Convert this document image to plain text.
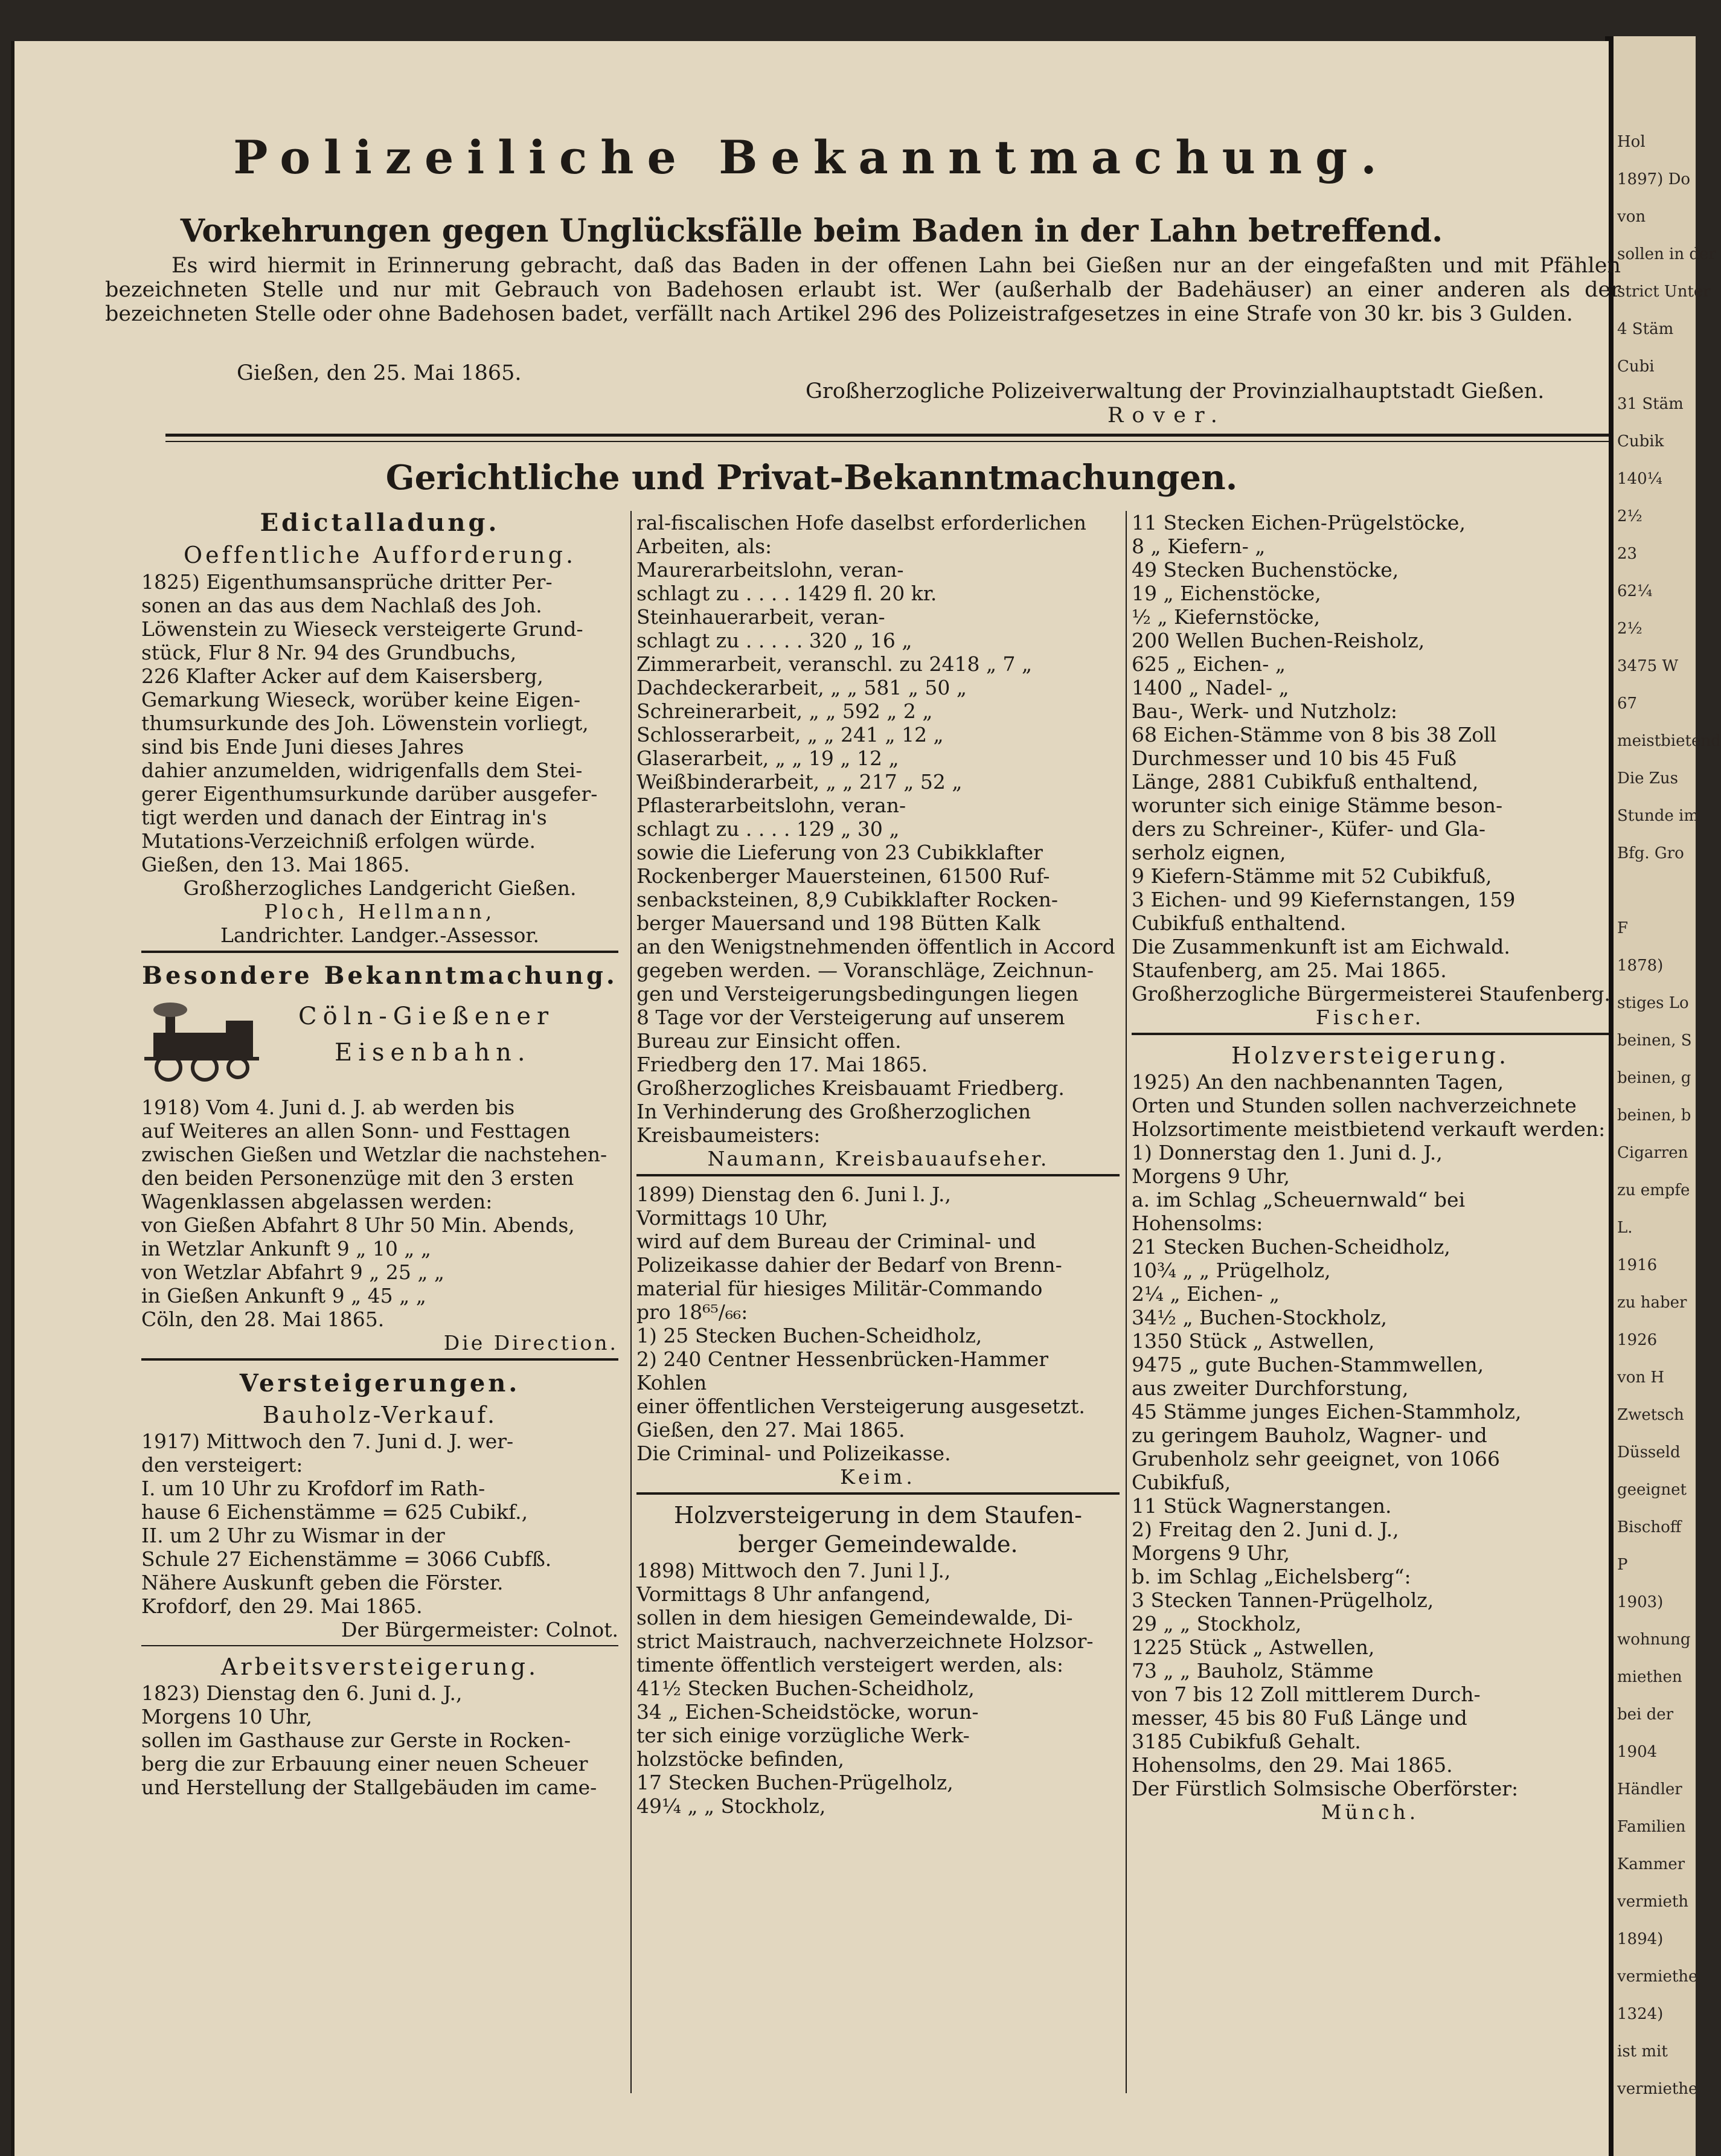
Hol
1897) Do
von
sollen in der
strict Unter
4 Stäm
Cubi
31 Stäm
Cubik
140¼
2½
23
62¼
2½
3475 W
67
meistbietend
Die Zus
Stunde im
Bfg. Gro
F
1878)
stiges Lo
beinen, S
beinen, g
beinen, b
Cigarren
zu empfe
L.
1916
zu haber
1926
von H
Zwetsch
Düsseld
geeignet
Bischoff
P
1903)
wohnung
miethen
bei der
1904
Händler
Familien
Kammer
vermieth
1894)
vermiethe
1324)
ist mit
vermiethe
Polizeiliche Bekanntmachung.
Vorkehrungen gegen Unglücksfälle beim Baden in der Lahn betreffend.

Es wird hiermit in Erinnerung gebracht, daß das Baden in der offenen Lahn bei Gießen nur an der eingefaßten und mit Pfählen bezeichneten Stelle und nur mit Gebrauch von Badehosen erlaubt ist. Wer (außerhalb der Badehäuser) an einer anderen als der bezeichneten Stelle oder ohne Badehosen badet, verfällt nach Artikel 296 des Polizeistrafgesetzes in eine Strafe von 30 kr. bis 3 Gulden.

Gießen, den 25. Mai 1865.
Großherzogliche Polizeiverwaltung der Provinzialhauptstadt Gießen.
Rover.
Gerichtliche und Privat-Bekanntmachungen.
Edictalladung.
Oeffentliche Aufforderung.
1825) Eigenthumsansprüche dritter Per-
sonen an das aus dem Nachlaß des Joh.
Löwenstein zu Wieseck versteigerte Grund-
stück, Flur 8 Nr. 94 des Grundbuchs,
226 Klafter Acker auf dem Kaisersberg,
Gemarkung Wieseck, worüber keine Eigen-
thumsurkunde des Joh. Löwenstein vorliegt,
sind bis Ende Juni dieses Jahres
dahier anzumelden, widrigenfalls dem Stei-
gerer Eigenthumsurkunde darüber ausgefer-
tigt werden und danach der Eintrag in's
Mutations-Verzeichniß erfolgen würde.
Gießen, den 13. Mai 1865.
Großherzogliches Landgericht Gießen.
Ploch, Hellmann,
Landrichter. Landger.-Assessor.
Besondere Bekanntmachung.
Cöln-Gießener
Eisenbahn.
1918) Vom 4. Juni d. J. ab werden bis
auf Weiteres an allen Sonn- und Festtagen
zwischen Gießen und Wetzlar die nachstehen-
den beiden Personenzüge mit den 3 ersten
Wagenklassen abgelassen werden:
von Gießen Abfahrt 8 Uhr 50 Min. Abends,
in Wetzlar Ankunft 9 „ 10 „ „
von Wetzlar Abfahrt 9 „ 25 „ „
in Gießen Ankunft 9 „ 45 „ „
Cöln, den 28. Mai 1865.
Die Direction.
Versteigerungen.
Bauholz-Verkauf.
1917) Mittwoch den 7. Juni d. J. wer-
den versteigert:
I. um 10 Uhr zu Krofdorf im Rath-
hause 6 Eichenstämme = 625 Cubikf.,
II. um 2 Uhr zu Wismar in der
Schule 27 Eichenstämme = 3066 Cubfß.
Nähere Auskunft geben die Förster.
Krofdorf, den 29. Mai 1865.
Der Bürgermeister: Colnot.
Arbeitsversteigerung.
1823) Dienstag den 6. Juni d. J.,
Morgens 10 Uhr,
sollen im Gasthause zur Gerste in Rocken-
berg die zur Erbauung einer neuen Scheuer
und Herstellung der Stallgebäuden im came-
ral-fiscalischen Hofe daselbst erforderlichen
Arbeiten, als:
Maurerarbeitslohn, veran-
schlagt zu . . . . 1429 fl. 20 kr.
Steinhauerarbeit, veran-
schlagt zu . . . . . 320 „ 16 „
Zimmerarbeit, veranschl. zu 2418 „ 7 „
Dachdeckerarbeit, „ „ 581 „ 50 „
Schreinerarbeit, „ „ 592 „ 2 „
Schlosserarbeit, „ „ 241 „ 12 „
Glaserarbeit, „ „ 19 „ 12 „
Weißbinderarbeit, „ „ 217 „ 52 „
Pflasterarbeitslohn, veran-
schlagt zu . . . . 129 „ 30 „
sowie die Lieferung von 23 Cubikklafter
Rockenberger Mauersteinen, 61500 Ruf-
senbacksteinen, 8,9 Cubikklafter Rocken-
berger Mauersand und 198 Bütten Kalk
an den Wenigstnehmenden öffentlich in Accord
gegeben werden. — Voranschläge, Zeichnun-
gen und Versteigerungsbedingungen liegen
8 Tage vor der Versteigerung auf unserem
Bureau zur Einsicht offen.
Friedberg den 17. Mai 1865.
Großherzogliches Kreisbauamt Friedberg.
In Verhinderung des Großherzoglichen
Kreisbaumeisters:
Naumann, Kreisbauaufseher.
1899) Dienstag den 6. Juni l. J.,
Vormittags 10 Uhr,
wird auf dem Bureau der Criminal- und
Polizeikasse dahier der Bedarf von Brenn-
material für hiesiges Militär-Commando
pro 18⁶⁵/₆₆:
1) 25 Stecken Buchen-Scheidholz,
2) 240 Centner Hessenbrücken-Hammer
Kohlen
einer öffentlichen Versteigerung ausgesetzt.
Gießen, den 27. Mai 1865.
Die Criminal- und Polizeikasse.
Keim.
Holzversteigerung in dem Staufen-
berger Gemeindewalde.
1898) Mittwoch den 7. Juni l J.,
Vormittags 8 Uhr anfangend,
sollen in dem hiesigen Gemeindewalde, Di-
strict Maistrauch, nachverzeichnete Holzsor-
timente öffentlich versteigert werden, als:
41½ Stecken Buchen-Scheidholz,
34 „ Eichen-Scheidstöcke, worun-
ter sich einige vorzügliche Werk-
holzstöcke befinden,
17 Stecken Buchen-Prügelholz,
49¼ „ „ Stockholz,
11 Stecken Eichen-Prügelstöcke,
8 „ Kiefern- „
49 Stecken Buchenstöcke,
19 „ Eichenstöcke,
½ „ Kiefernstöcke,
200 Wellen Buchen-Reisholz,
625 „ Eichen- „
1400 „ Nadel- „
Bau-, Werk- und Nutzholz:
68 Eichen-Stämme von 8 bis 38 Zoll
Durchmesser und 10 bis 45 Fuß
Länge, 2881 Cubikfuß enthaltend,
worunter sich einige Stämme beson-
ders zu Schreiner-, Küfer- und Gla-
serholz eignen,
9 Kiefern-Stämme mit 52 Cubikfuß,
3 Eichen- und 99 Kiefernstangen, 159
Cubikfuß enthaltend.
Die Zusammenkunft ist am Eichwald.
Staufenberg, am 25. Mai 1865.
Großherzogliche Bürgermeisterei Staufenberg.
Fischer.
Holzversteigerung.
1925) An den nachbenannten Tagen,
Orten und Stunden sollen nachverzeichnete
Holzsortimente meistbietend verkauft werden:
1) Donnerstag den 1. Juni d. J.,
Morgens 9 Uhr,
a. im Schlag „Scheuernwald“ bei
Hohensolms:
21 Stecken Buchen-Scheidholz,
10¾ „ „ Prügelholz,
2¼ „ Eichen- „
34½ „ Buchen-Stockholz,
1350 Stück „ Astwellen,
9475 „ gute Buchen-Stammwellen,
aus zweiter Durchforstung,
45 Stämme junges Eichen-Stammholz,
zu geringem Bauholz, Wagner- und
Grubenholz sehr geeignet, von 1066
Cubikfuß,
11 Stück Wagnerstangen.
2) Freitag den 2. Juni d. J.,
Morgens 9 Uhr,
b. im Schlag „Eichelsberg“:
3 Stecken Tannen-Prügelholz,
29 „ „ Stockholz,
1225 Stück „ Astwellen,
73 „ „ Bauholz, Stämme
von 7 bis 12 Zoll mittlerem Durch-
messer, 45 bis 80 Fuß Länge und
3185 Cubikfuß Gehalt.
Hohensolms, den 29. Mai 1865.
Der Fürstlich Solmsische Oberförster:
Münch.
